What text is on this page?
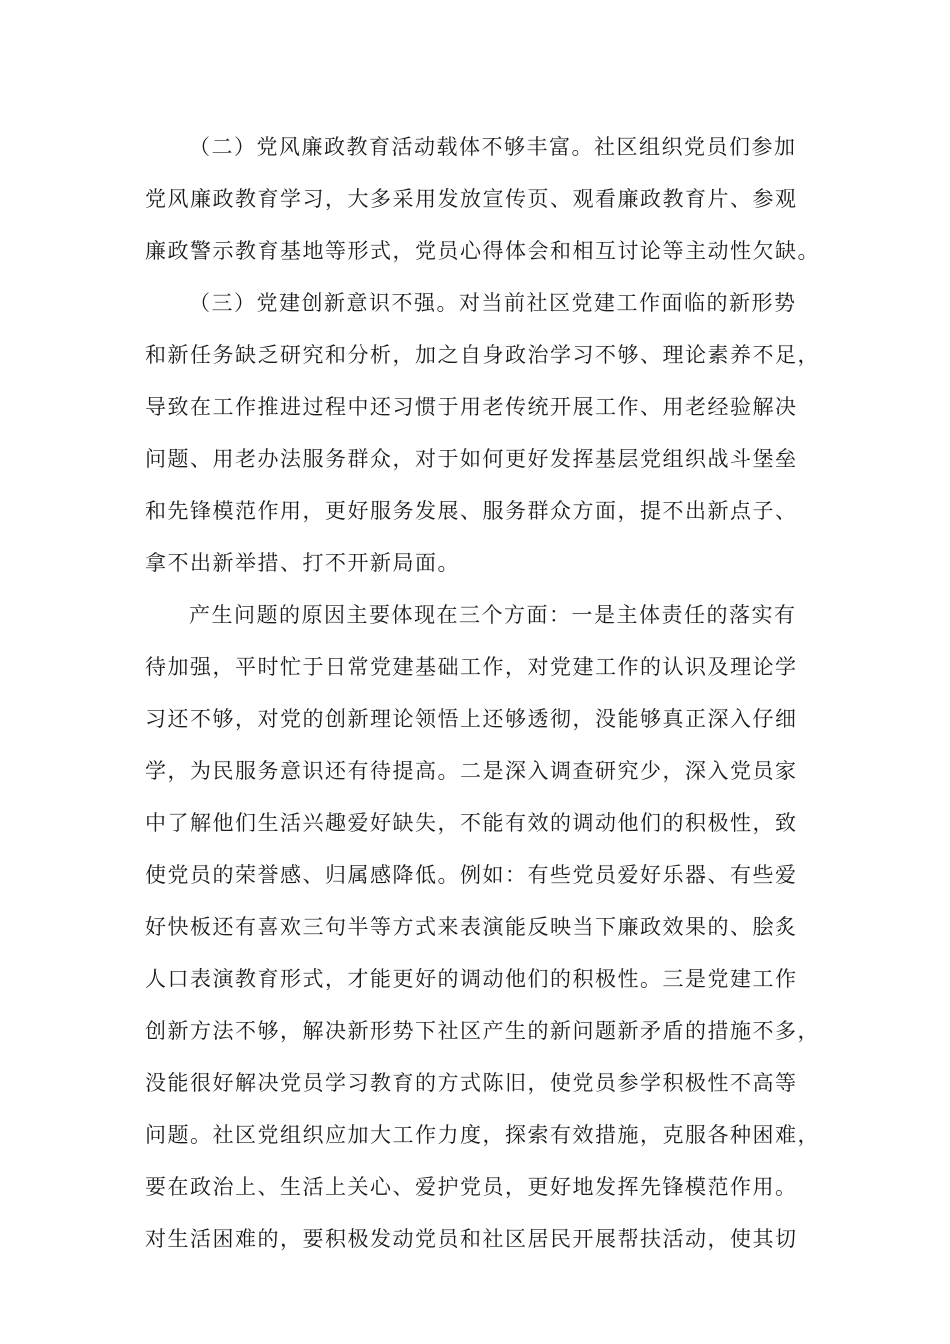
（二）党风廉政教育活动载体不够丰富。社区组织党员们参加
党风廉政教育学习，大多采用发放宣传页、观看廉政教育片、参观
廉政警示教育基地等形式，党员心得体会和相互讨论等主动性欠缺。
（三）党建创新意识不强。对当前社区党建工作面临的新形势
和新任务缺乏研究和分析，加之自身政治学习不够、理论素养不足，
导致在工作推进过程中还习惯于用老传统开展工作、用老经验解决
问题、用老办法服务群众，对于如何更好发挥基层党组织战斗堡垒
和先锋模范作用，更好服务发展、服务群众方面，提不出新点子、
拿不出新举措、打不开新局面。
产生问题的原因主要体现在三个方面：一是主体责任的落实有
待加强，平时忙于日常党建基础工作，对党建工作的认识及理论学
习还不够，对党的创新理论领悟上还够透彻，没能够真正深入仔细
学，为民服务意识还有待提高。二是深入调查研究少，深入党员家
中了解他们生活兴趣爱好缺失，不能有效的调动他们的积极性，致
使党员的荣誉感、归属感降低。例如：有些党员爱好乐器、有些爱
好快板还有喜欢三句半等方式来表演能反映当下廉政效果的、脍炙
人口表演教育形式，才能更好的调动他们的积极性。三是党建工作
创新方法不够，解决新形势下社区产生的新问题新矛盾的措施不多，
没能很好解决党员学习教育的方式陈旧，使党员参学积极性不高等
问题。社区党组织应加大工作力度，探索有效措施，克服各种困难，
要在政治上、生活上关心、爱护党员，更好地发挥先锋模范作用。
对生活困难的，要积极发动党员和社区居民开展帮扶活动，使其切
